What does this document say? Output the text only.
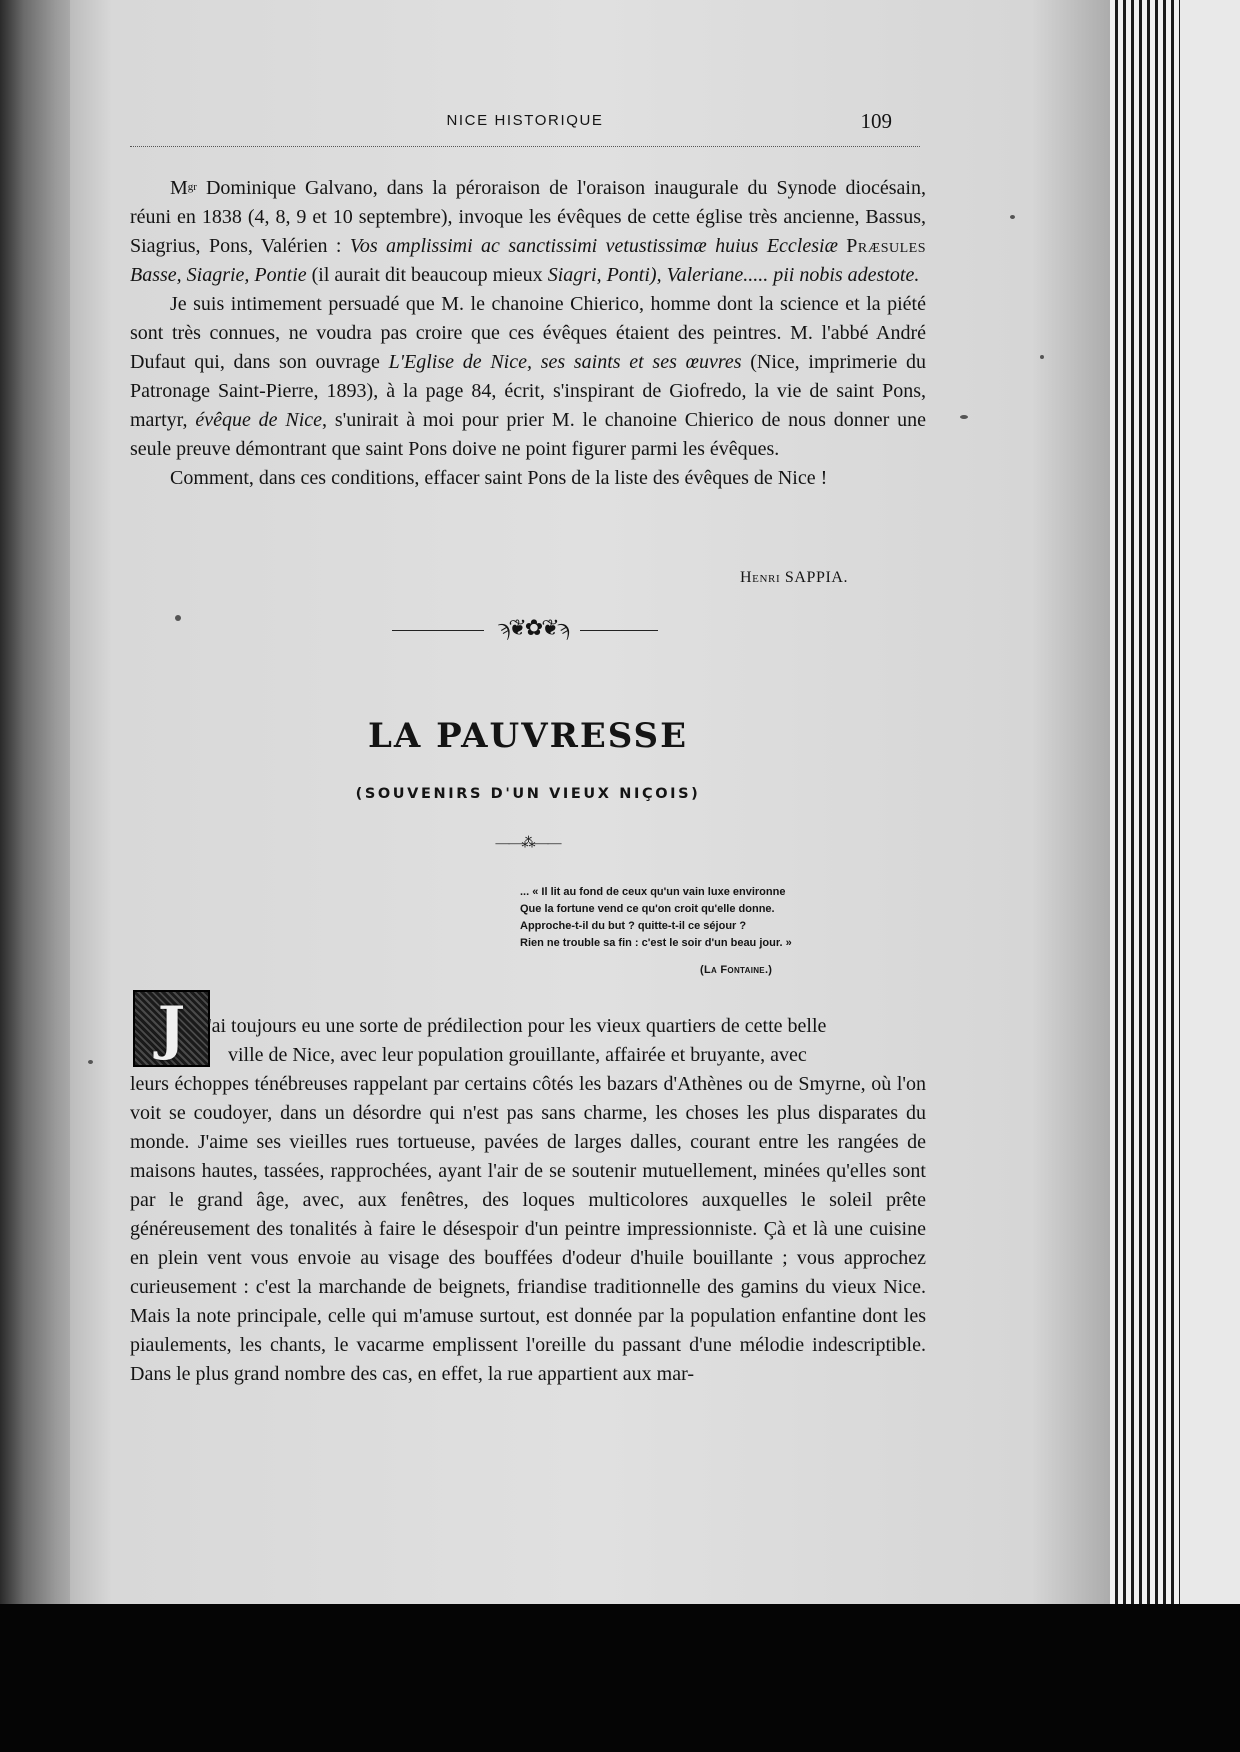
NICE HISTORIQUE	109

$M^{gr}$ Dominique Galvano, dans la péroraison de l'oraison inaugurale du Synode diocésain, réuni en 1838 (4, 8, 9 et 10 septembre), invoque les évêques de cette église très ancienne, Bassus, Siagrius, Pons, Valérien : Vos amplissimi ac sanctissimi vetustissimæ huius Ecclesiæ Præsules Basse, Siagrie, Pontie (il aurait dit beaucoup mieux Siagri, Ponti), Valeriane..... pii nobis adestote.

Je suis intimement persuadé que M. le chanoine Chierico, homme dont la science et la piété sont très connues, ne voudra pas croire que ces évêques étaient des peintres. M. l'abbé André Dufaut qui, dans son ouvrage L'Eglise de Nice, ses saints et ses œuvres (Nice, imprimerie du Patronage Saint-Pierre, 1893), à la page 84, écrit, s'inspirant de Giofredo, la vie de saint Pons, martyr, évêque de Nice, s'unirait à moi pour prier M. le chanoine Chierico de nous donner une seule preuve démontrant que saint Pons doive ne point figurer parmi les évêques.

Comment, dans ces conditions, effacer saint Pons de la liste des évêques de Nice !

Henri SAPPIA.
ϡ❦✿❦ϡ
LA PAUVRESSE
(SOUVENIRS D'UN VIEUX NIÇOIS)
——⁂——
... « Il lit au fond de ceux qu'un vain luxe environne
Que la fortune vend ce qu'on croit qu'elle donne.
Approche-t-il du but ? quitte-t-il ce séjour ?
Rien ne trouble sa fin : c'est le soir d'un beau jour. »
(La Fontaine.)
J	'ai toujours eu une sorte de prédilection pour les vieux quartiers de cette belle

ville de Nice, avec leur population grouillante, affairée et bruyante, avec

leurs échoppes ténébreuses rappelant par certains côtés les bazars d'Athènes ou de Smyrne, où l'on voit se coudoyer, dans un désordre qui n'est pas sans charme, les choses les plus disparates du monde. J'aime ses vieilles rues tortueuse, pavées de larges dalles, courant entre les rangées de maisons hautes, tassées, rapprochées, ayant l'air de se soutenir mutuellement, minées qu'elles sont par le grand âge, avec, aux fenêtres, des loques multicolores auxquelles le soleil prête généreusement des tonalités à faire le désespoir d'un peintre impressionniste. Çà et là une cuisine en plein vent vous envoie au visage des bouffées d'odeur d'huile bouillante ; vous approchez curieusement : c'est la marchande de beignets, friandise traditionnelle des gamins du vieux Nice. Mais la note principale, celle qui m'amuse surtout, est donnée par la population enfantine dont les piaulements, les chants, le vacarme emplissent l'oreille du passant d'une mélodie indescriptible. Dans le plus grand nombre des cas, en effet, la rue appartient aux mar-
